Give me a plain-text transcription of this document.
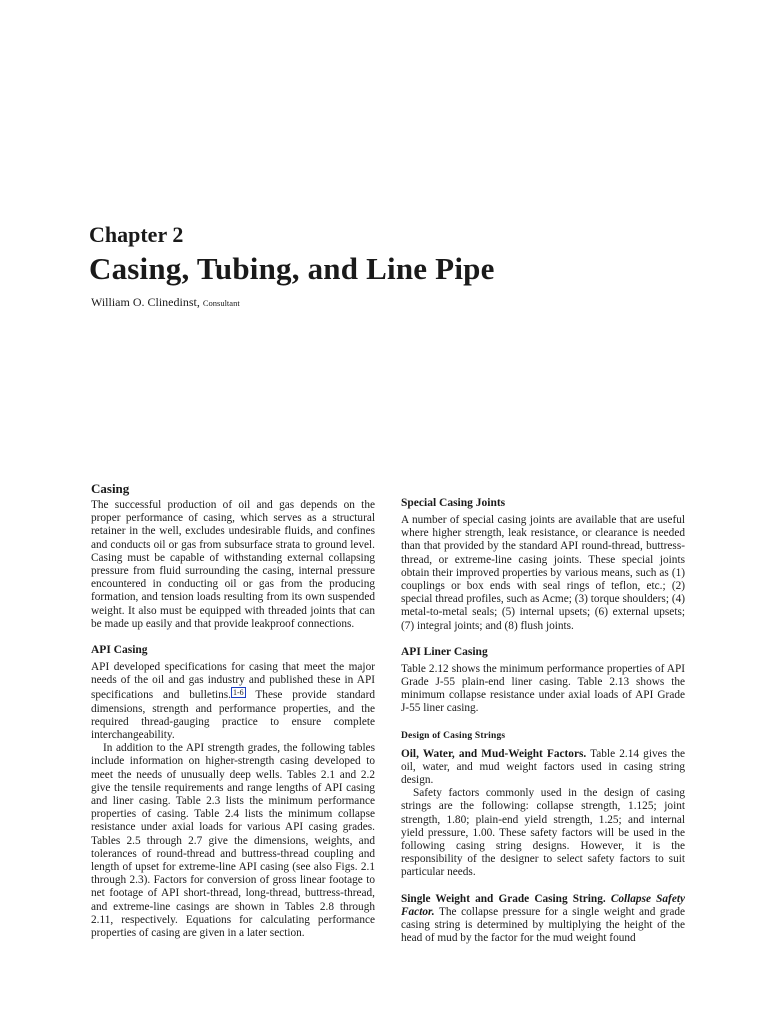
Chapter 2
Casing, Tubing, and Line Pipe
William O. Clinedinst, Consultant
Casing

The successful production of oil and gas depends on the proper performance of casing, which serves as a structural retainer in the well, excludes undesirable fluids, and confines and conducts oil or gas from subsurface strata to ground level. Casing must be capable of withstanding external collapsing pressure from fluid surrounding the casing, internal pressure encountered in conducting oil or gas from the producing formation, and tension loads resulting from its own suspended weight. It also must be equipped with threaded joints that can be made up easily and that provide leakproof connections.

API Casing

API developed specifications for casing that meet the major needs of the oil and gas industry and published these in API specifications and bulletins. 1-6 These provide standard dimensions, strength and performance properties, and the required thread-gauging practice to ensure complete interchangeability.

In addition to the API strength grades, the following tables include information on higher-strength casing developed to meet the needs of unusually deep wells. Tables 2.1 and 2.2 give the tensile requirements and range lengths of API casing and liner casing. Table 2.3 lists the minimum performance properties of casing. Table 2.4 lists the minimum collapse resistance under axial loads for various API casing grades. Tables 2.5 through 2.7 give the dimensions, weights, and tolerances of round-thread and buttress-thread coupling and length of upset for extreme-line API casing (see also Figs. 2.1 through 2.3). Factors for conversion of gross linear footage to net footage of API short-thread, long-thread, buttress-thread, and extreme-line casings are shown in Tables 2.8 through 2.11, respectively. Equations for calculating performance properties of casing are given in a later section.

Special Casing Joints

A number of special casing joints are available that are useful where higher strength, leak resistance, or clearance is needed than that provided by the standard API round-thread, buttress-thread, or extreme-line casing joints. These special joints obtain their improved properties by various means, such as (1) couplings or box ends with seal rings of teflon, etc.; (2) special thread profiles, such as Acme; (3) torque shoulders; (4) metal-to-metal seals; (5) internal upsets; (6) external upsets; (7) integral joints; and (8) flush joints.

API Liner Casing

Table 2.12 shows the minimum performance properties of API Grade J-55 plain-end liner casing. Table 2.13 shows the minimum collapse resistance under axial loads of API Grade J-55 liner casing.

Design of Casing Strings

Oil, Water, and Mud-Weight Factors. Table 2.14 gives the oil, water, and mud weight factors used in casing string design.

Safety factors commonly used in the design of casing strings are the following: collapse strength, 1.125; joint strength, 1.80; plain-end yield strength, 1.25; and internal yield pressure, 1.00. These safety factors will be used in the following casing string designs. However, it is the responsibility of the designer to select safety factors to suit particular needs.

Single Weight and Grade Casing String. Collapse Safety Factor. The collapse pressure for a single weight and grade casing string is determined by multiplying the height of the head of mud by the factor for the mud weight found
